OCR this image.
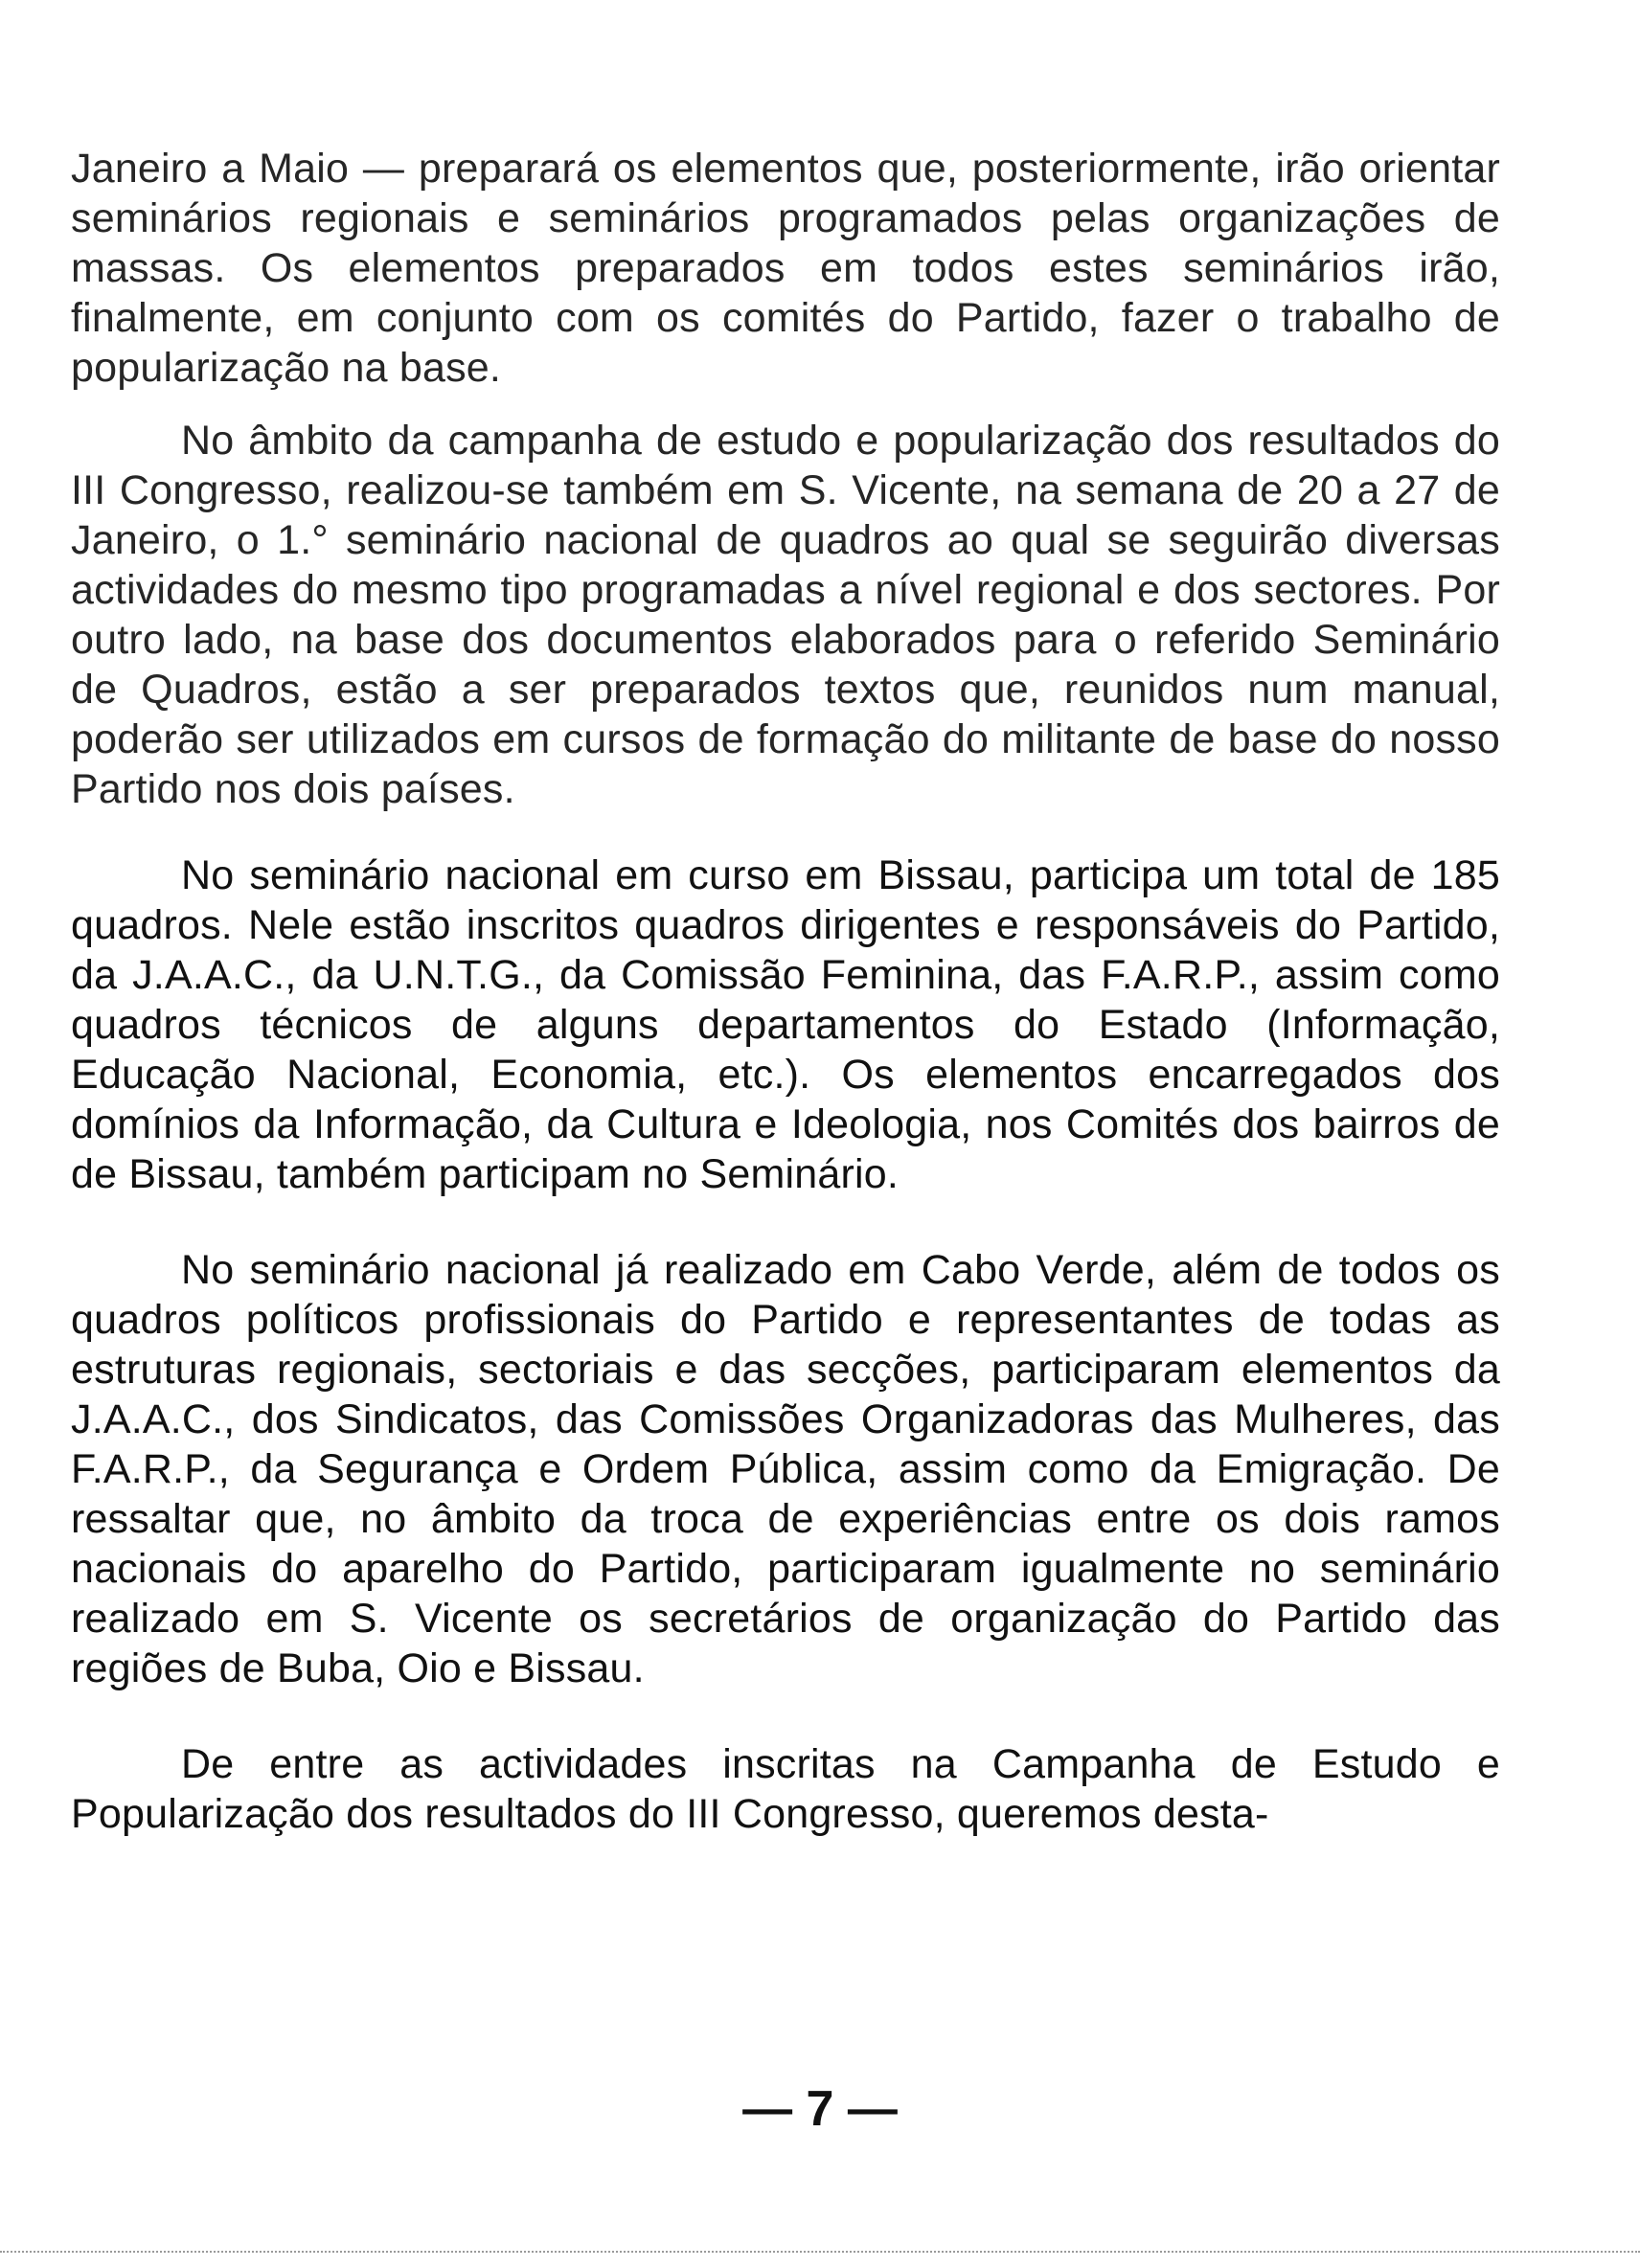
Janeiro a Maio — preparará os elementos que, posteriormente, irão orientar seminários regionais e seminários programados pelas organizações de massas. Os elementos preparados em todos estes seminários irão, finalmente, em conjunto com os comités do Partido, fazer o trabalho de popularização na base.

No âmbito da campanha de estudo e popularização dos resultados do III Congresso, realizou-se também em S. Vicente, na semana de 20 a 27 de Janeiro, o 1.° seminário nacional de quadros ao qual se seguirão diversas actividades do mesmo tipo programadas a nível regional e dos sectores. Por outro lado, na base dos documentos elaborados para o referido Seminário de Quadros, estão a ser preparados textos que, reunidos num manual, poderão ser utilizados em cursos de formação do militante de base do nosso Partido nos dois países.

No seminário nacional em curso em Bissau, participa um total de 185 quadros. Nele estão inscritos quadros dirigentes e responsáveis do Partido, da J.A.A.C., da U.N.T.G., da Comissão Feminina, das F.A.R.P., assim como quadros técnicos de alguns departamentos do Estado (Informação, Educação Nacional, Economia, etc.). Os elementos encarregados dos domínios da Informação, da Cultura e Ideologia, nos Comités dos bairros de de Bissau, também participam no Seminário.

No seminário nacional já realizado em Cabo Verde, além de todos os quadros políticos profissionais do Partido e representantes de todas as estruturas regionais, sectoriais e das secções, participaram elementos da J.A.A.C., dos Sindicatos, das Comissões Organizadoras das Mulheres, das F.A.R.P., da Segurança e Ordem Pública, assim como da Emigração. De ressaltar que, no âmbito da troca de experiências entre os dois ramos nacionais do aparelho do Partido, participaram igualmente no seminário realizado em S. Vicente os secretários de organização do Partido das regiões de Buba, Oio e Bissau.

De entre as actividades inscritas na Campanha de Estudo e Popularização dos resultados do III Congresso, queremos desta-

— 7 —
